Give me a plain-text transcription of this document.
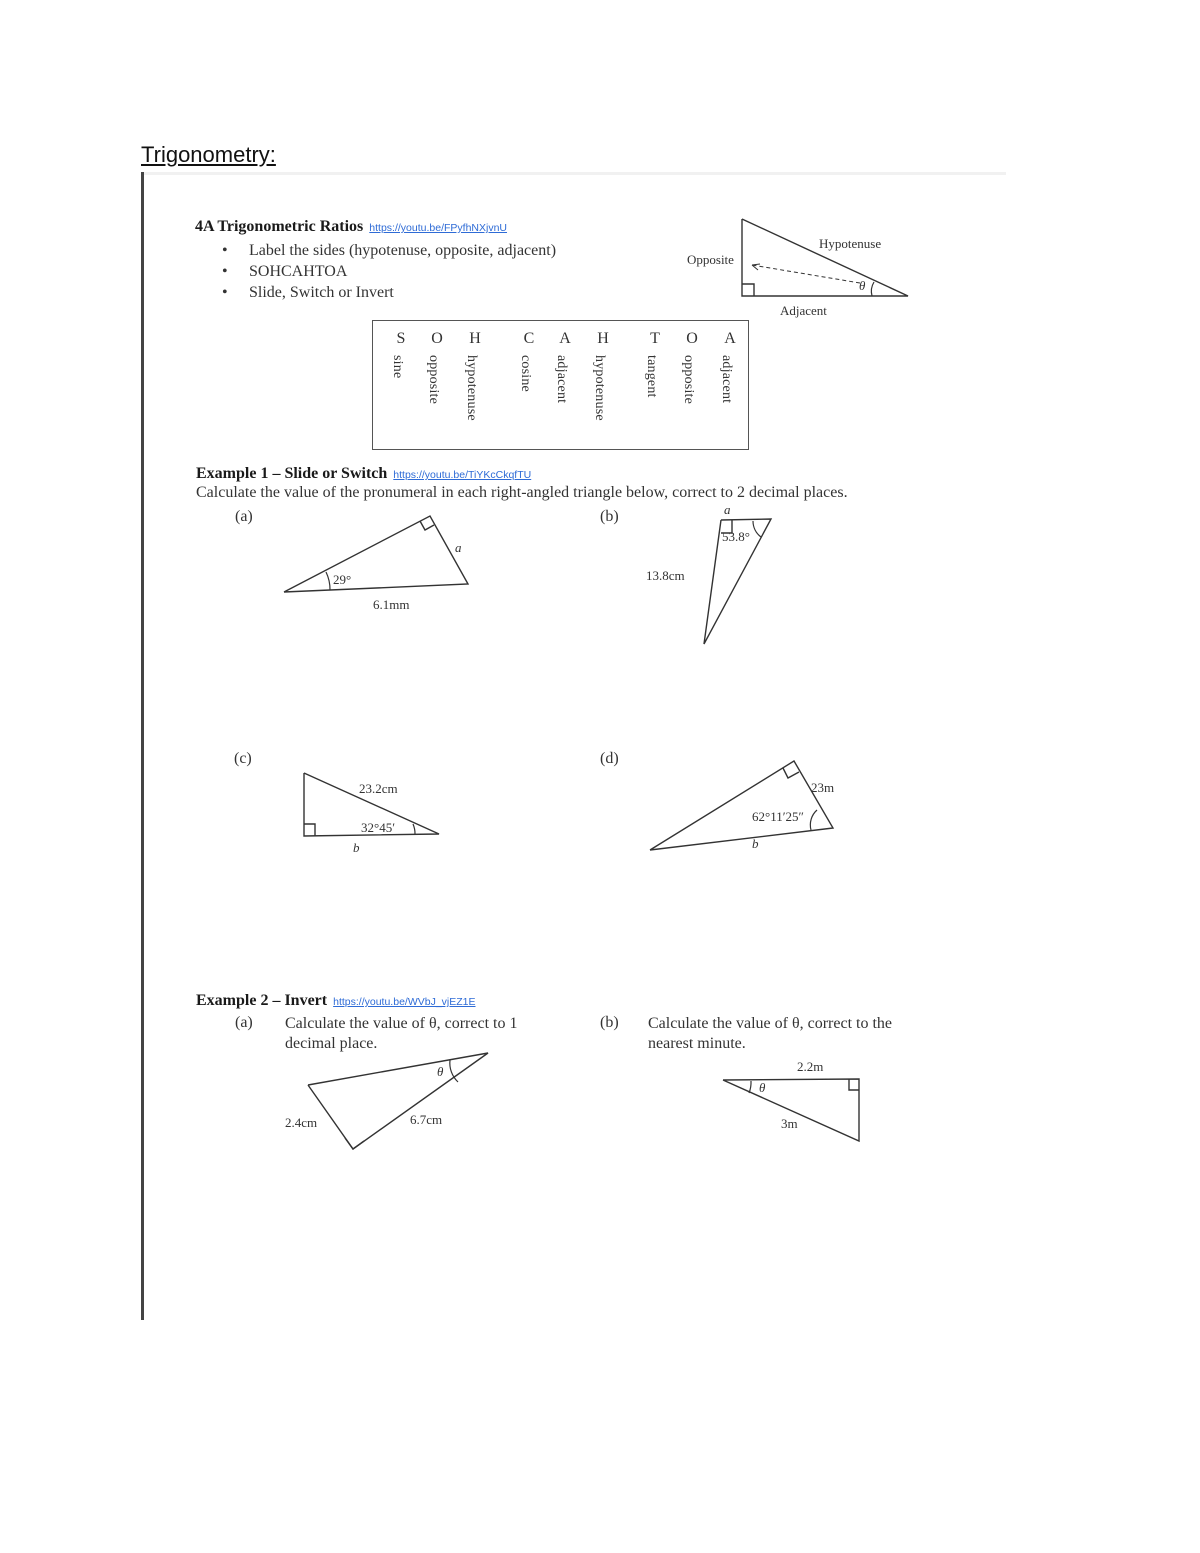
Trigonometry:
4A Trigonometric Ratios https://youtu.be/FPyfhNXjvnU
• Label the sides (hypotenuse, opposite, adjacent)
• SOHCAHTOA
• Slide, Switch or Invert
Hypotenuse
Opposite
Adjacent
θ
S
sine
O
opposite
H
hypotenuse
C
cosine
A
adjacent
H
hypotenuse
T
tangent
O
opposite
A
adjacent
Example 1 – Slide or Switch https://youtu.be/TiYKcCkqfTU
Calculate the value of the pronumeral in each right-angled triangle below, correct to 2 decimal places.
(a)
29°
6.1mm
a
(b)
53.8°
13.8cm
a
(c)
23.2cm
32°45′
b
(d)
23m
62°11′25″
b
Example 2 – Invert https://youtu.be/WVbJ_vjEZ1E
(a) Calculate the value of θ, correct to 1
decimal place.
2.4cm	6.7cm
θ
(b) Calculate the value of θ, correct to the
nearest minute.
2.2m
3m
θ
